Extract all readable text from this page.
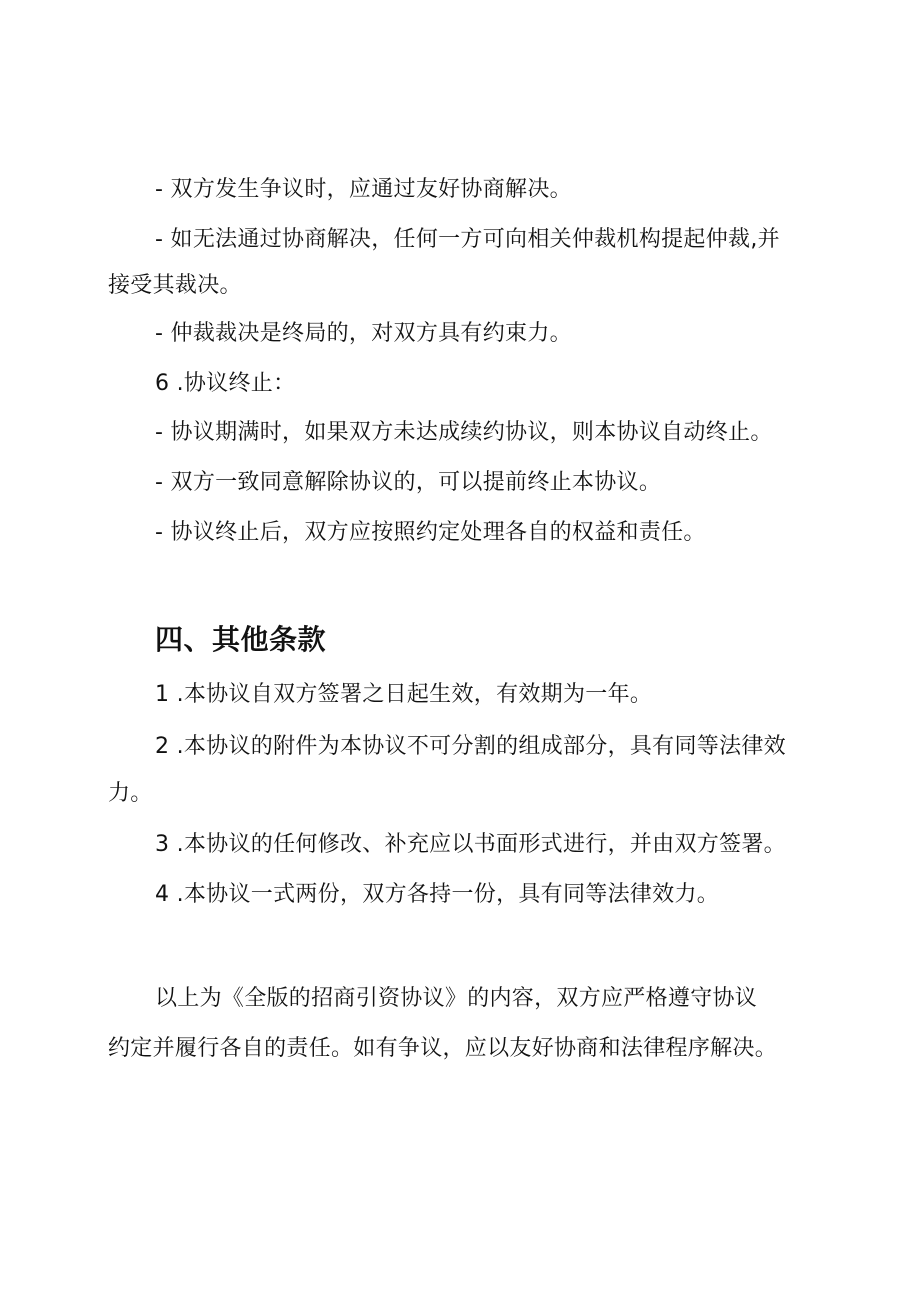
- 双方发生争议时，应通过友好协商解决。
- 如无法通过协商解决，任何一方可向相关仲裁机构提起仲裁,并
接受其裁决。
- 仲裁裁决是终局的，对双方具有约束力。
6 .协议终止：
- 协议期满时，如果双方未达成续约协议，则本协议自动终止。
- 双方一致同意解除协议的，可以提前终止本协议。
- 协议终止后，双方应按照约定处理各自的权益和责任。
四、其他条款
1 .本协议自双方签署之日起生效，有效期为一年。
2 .本协议的附件为本协议不可分割的组成部分，具有同等法律效
力。
3 .本协议的任何修改、补充应以书面形式进行，并由双方签署。
4 .本协议一式两份，双方各持一份，具有同等法律效力。
以上为《全版的招商引资协议》的内容，双方应严格遵守协议
约定并履行各自的责任。如有争议，应以友好协商和法律程序解决。
